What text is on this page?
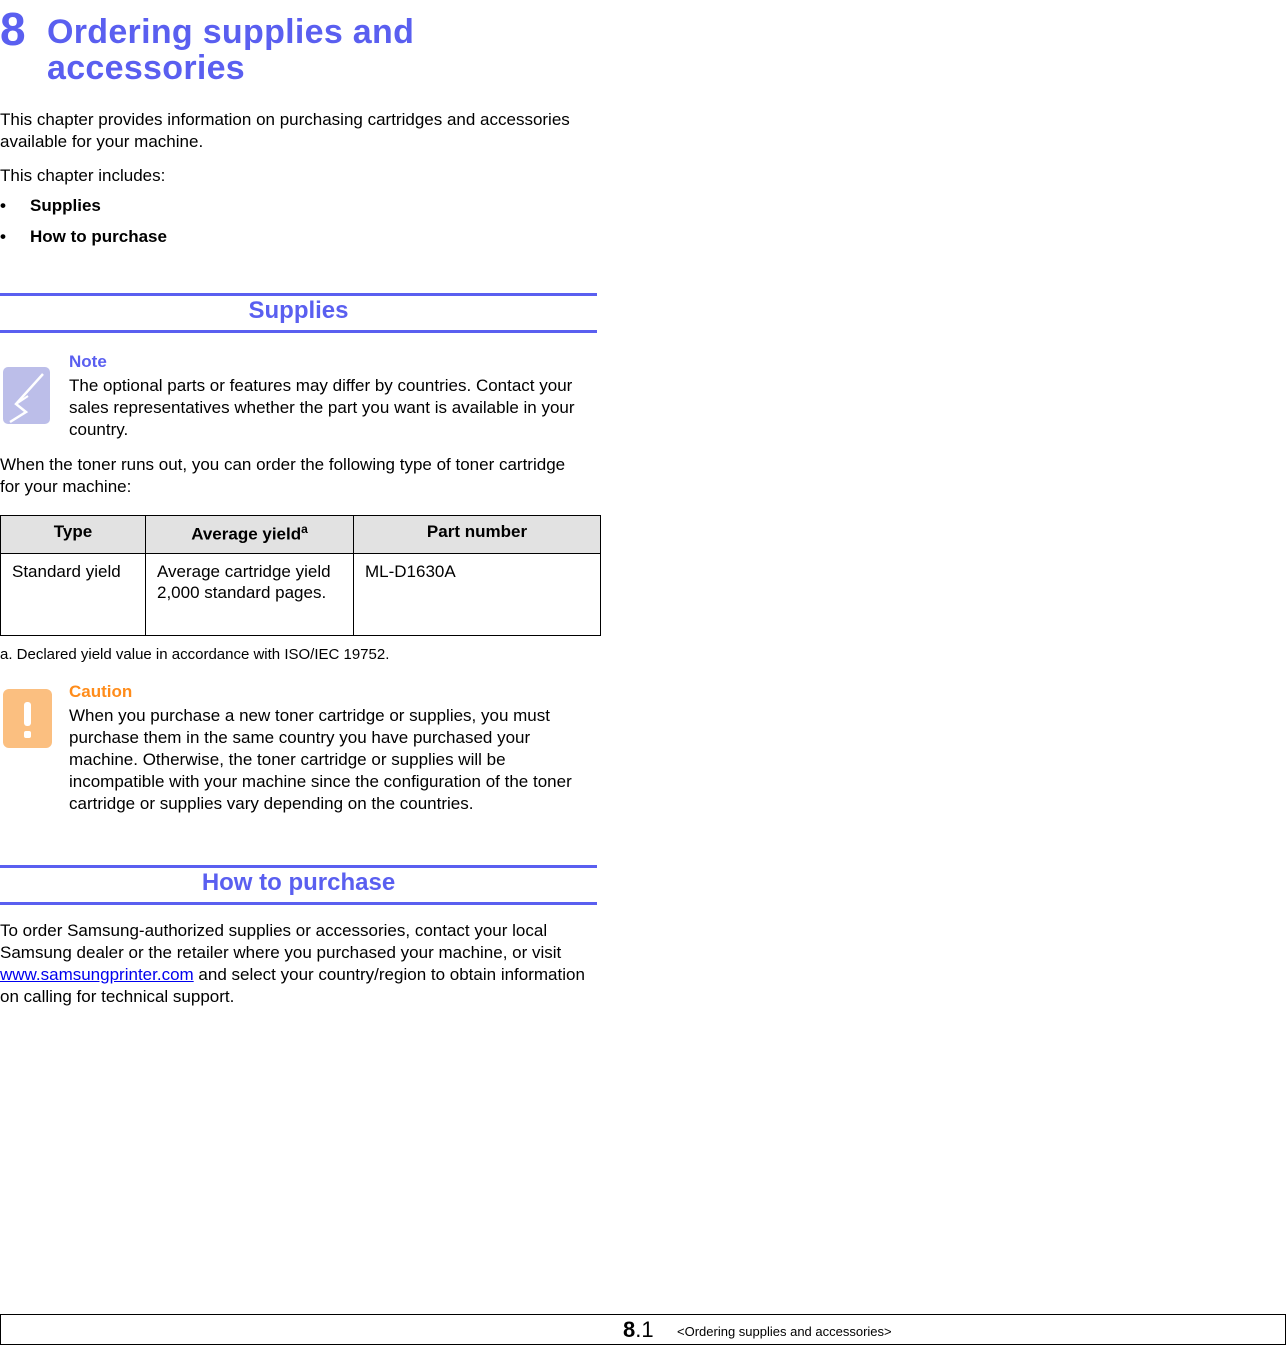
8 Ordering supplies and
accessories
This chapter provides information on purchasing cartridges and accessories available for your machine.
This chapter includes:
• Supplies
• How to purchase
Supplies
Note
The optional parts or features may differ by countries. Contact your sales representatives whether the part you want is available in your country.
When the toner runs out, you can order the following type of toner cartridge for your machine:
Type	Average yield$^a$	Part number
Standard yield	Average cartridge yield 2,000 standard pages.	ML-D1630A
a. Declared yield value in accordance with ISO/IEC 19752.
Caution
When you purchase a new toner cartridge or supplies, you must purchase them in the same country you have purchased your machine. Otherwise, the toner cartridge or supplies will be incompatible with your machine since the configuration of the toner cartridge or supplies vary depending on the countries.
How to purchase
To order Samsung-authorized supplies or accessories, contact your local Samsung dealer or the retailer where you purchased your machine, or visit www.samsungprinter.com and select your country/region to obtain information on calling for technical support.
8.1 <Ordering supplies and accessories>
